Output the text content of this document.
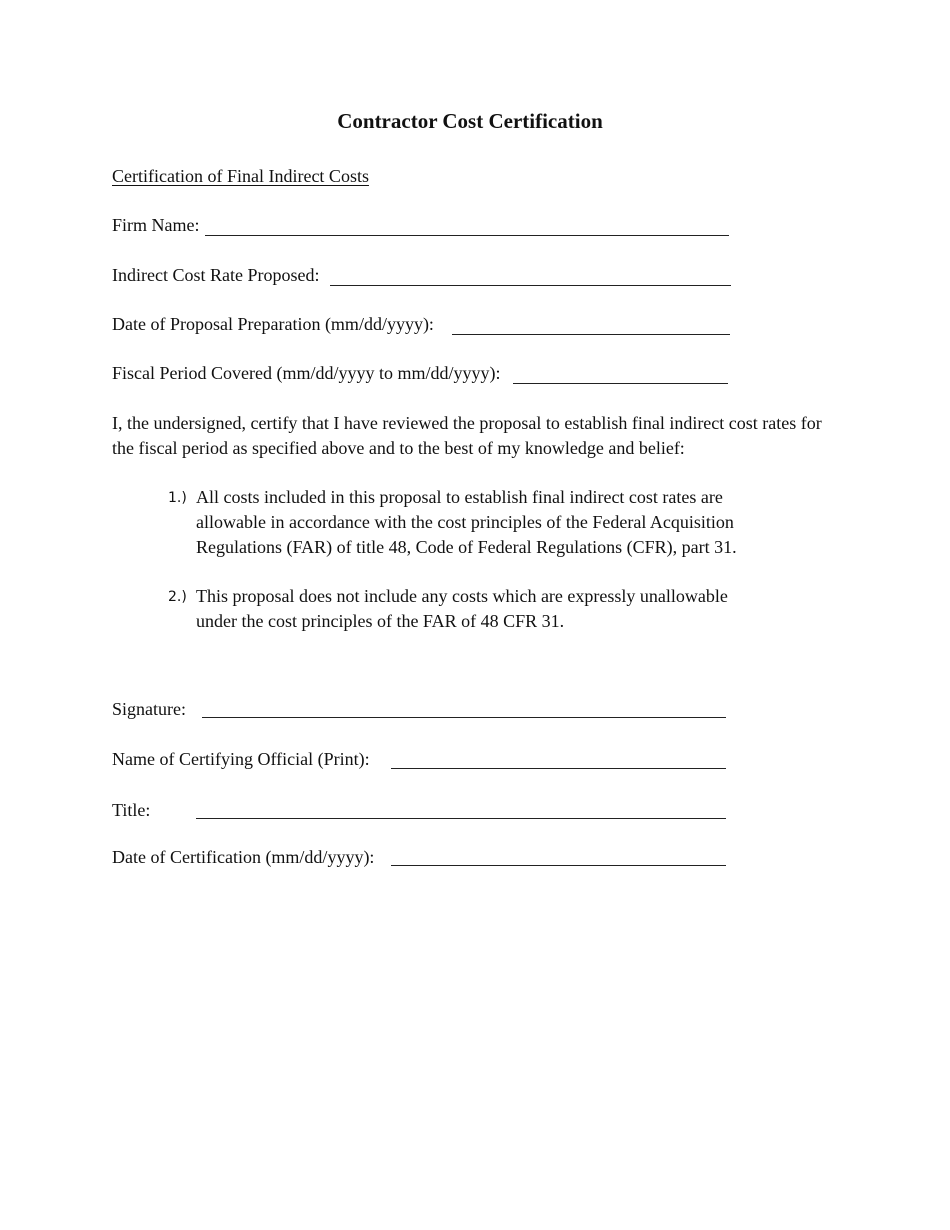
Contractor Cost Certification
Certification of Final Indirect Costs
Firm Name:
Indirect Cost Rate Proposed:
Date of Proposal Preparation (mm/dd/yyyy):
Fiscal Period Covered (mm/dd/yyyy to mm/dd/yyyy):
I, the undersigned, certify that I have reviewed the proposal to establish final indirect cost rates for the fiscal period as specified above and to the best of my knowledge and belief:
1.) All costs included in this proposal to establish final indirect cost rates are allowable in accordance with the cost principles of the Federal Acquisition Regulations (FAR) of title 48, Code of Federal Regulations (CFR), part 31.
2.) This proposal does not include any costs which are expressly unallowable under the cost principles of the FAR of 48 CFR 31.
Signature:
Name of Certifying Official (Print):
Title:
Date of Certification (mm/dd/yyyy):
